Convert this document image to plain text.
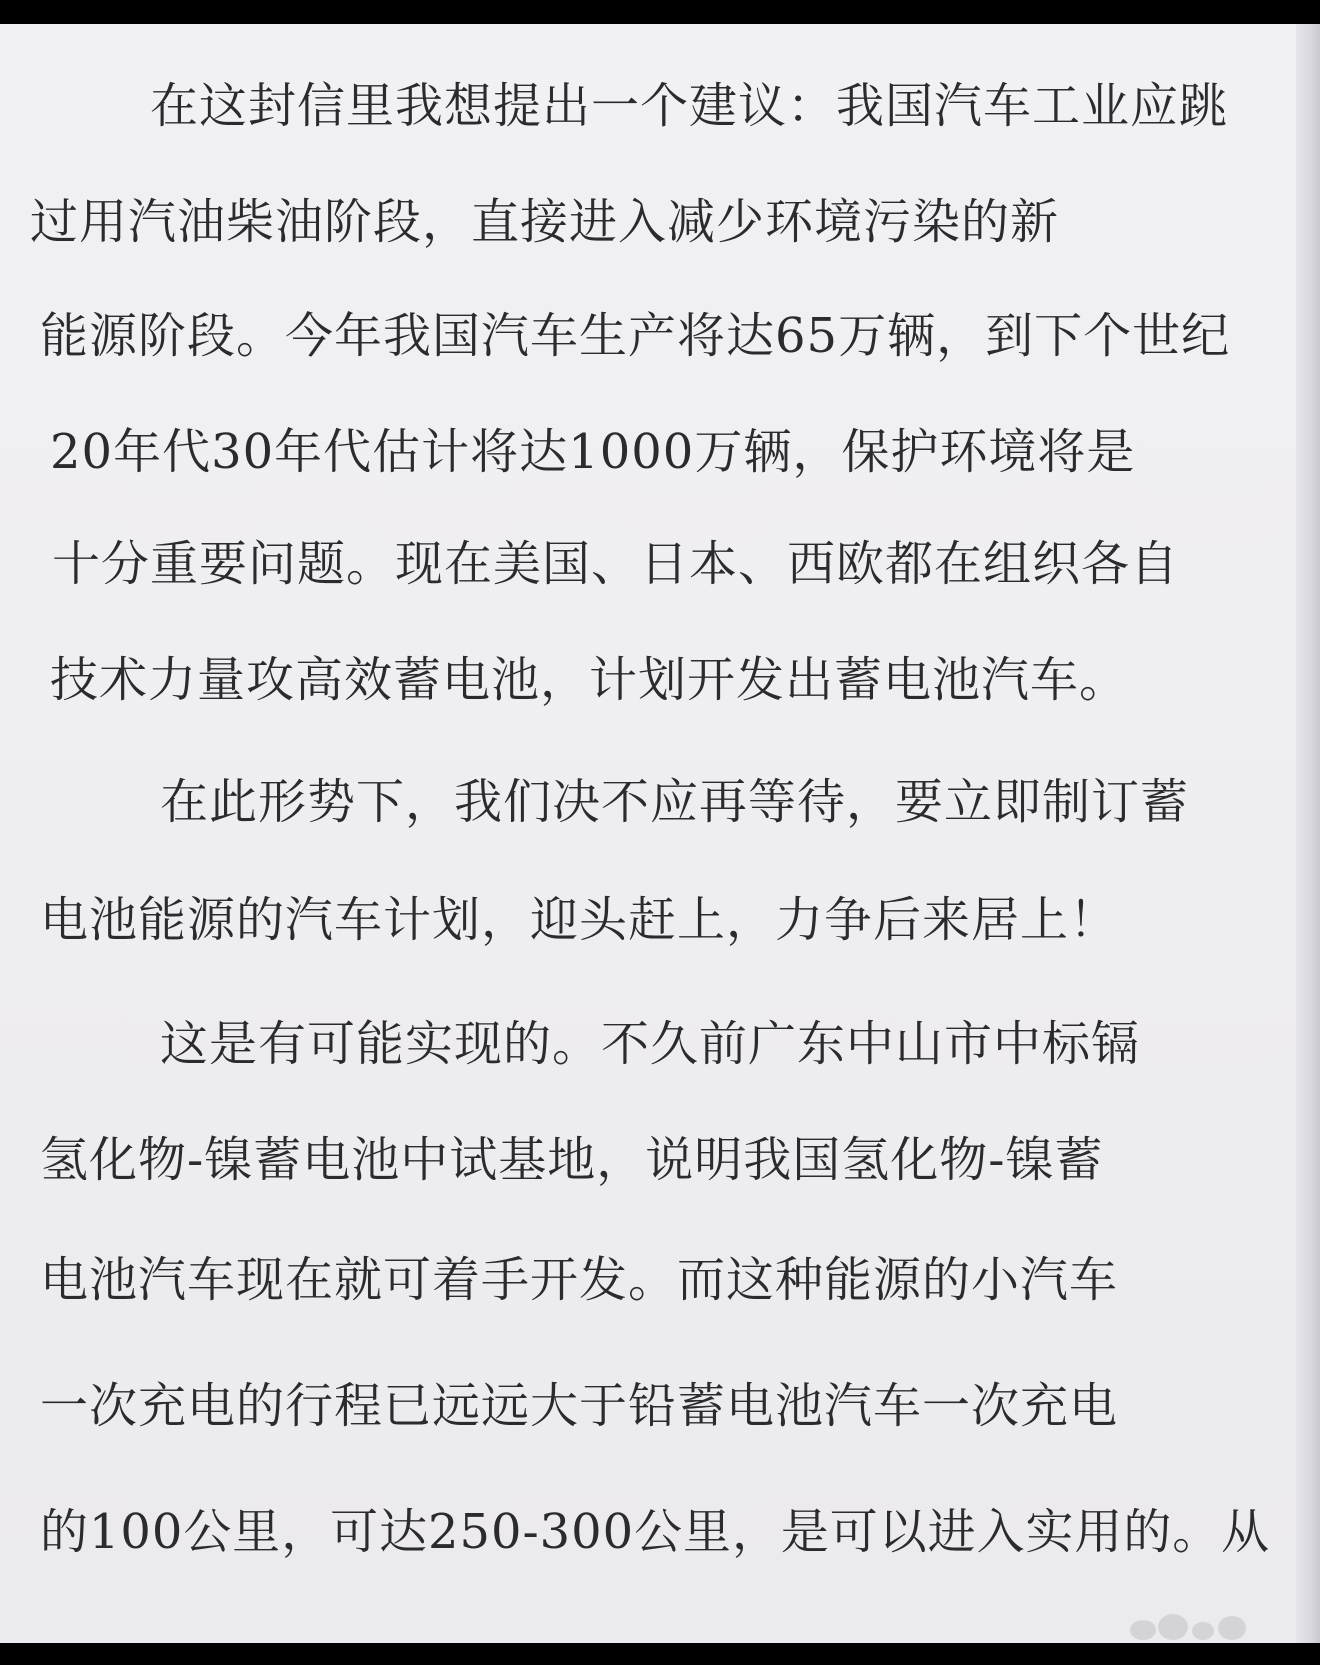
在这封信里我想提出一个建议：我国汽车工业应跳
过用汽油柴油阶段，直接进入减少环境污染的新
能源阶段。今年我国汽车生产将达65万辆，到下个世纪
20年代30年代估计将达1000万辆，保护环境将是
十分重要问题。现在美国、日本、西欧都在组织各自
技术力量攻高效蓄电池，计划开发出蓄电池汽车。
在此形势下，我们决不应再等待，要立即制订蓄
电池能源的汽车计划，迎头赶上，力争后来居上！
这是有可能实现的。不久前广东中山市中标镉
氢化物-镍蓄电池中试基地，说明我国氢化物-镍蓄
电池汽车现在就可着手开发。而这种能源的小汽车
一次充电的行程已远远大于铅蓄电池汽车一次充电
的100公里，可达250-300公里，是可以进入实用的。从
